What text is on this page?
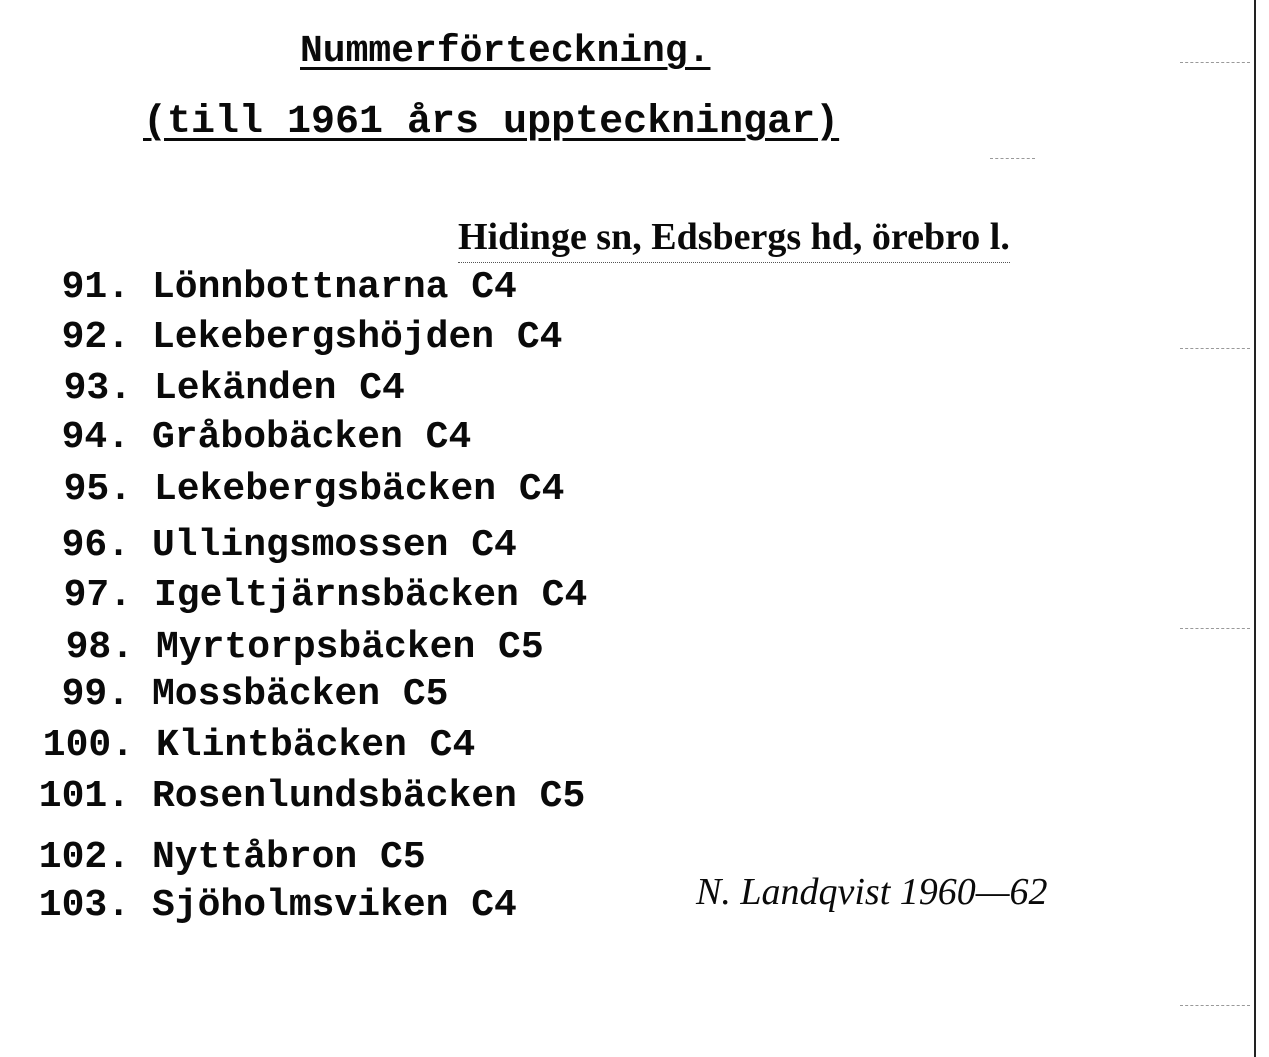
Nummerförteckning.
(till 1961 års uppteckningar)
Hidinge sn, Edsbergs hd, örebro l.
91. Lönnbottnarna C4
92. Lekebergshöjden C4
93. Lekänden C4
94. Gråbobäcken C4
95. Lekebergsbäcken C4
96. Ullingsmossen C4
97. Igeltjärnsbäcken C4
98. Myrtorpsbäcken C5
99. Mossbäcken C5
100. Klintbäcken C4
101. Rosenlundsbäcken C5
102. Nyttåbron C5
103. Sjöholmsviken C4	N. Landqvist 1960—62
